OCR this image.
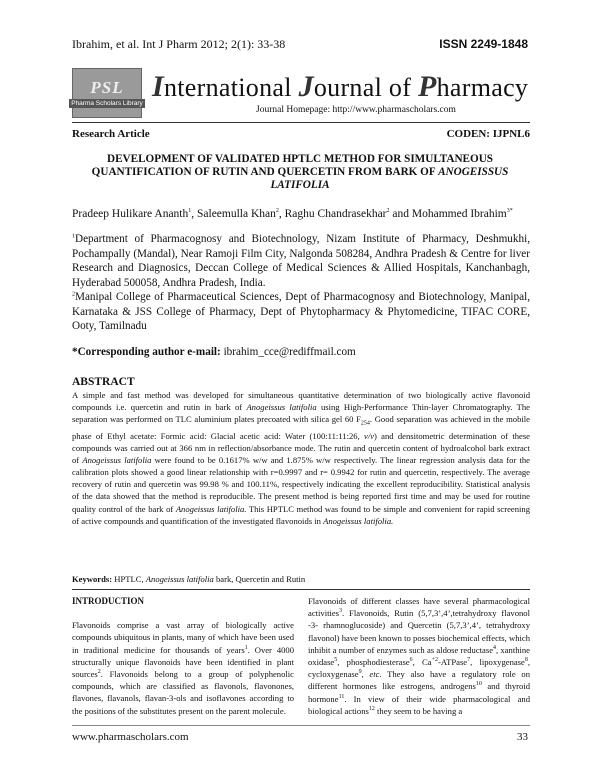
Ibrahim, et al. Int J Pharm 2012; 2(1): 33-38	ISSN 2249-1848
PSL
Pharma Scholars Library International Journal of Pharmacy
Journal Homepage: http://www.pharmascholars.com
Research Article	CODEN: IJPNL6
DEVELOPMENT OF VALIDATED HPTLC METHOD FOR SIMULTANEOUS QUANTIFICATION OF RUTIN AND QUERCETIN FROM BARK OF ANOGEISSUS LATIFOLIA
Pradeep Hulikare Ananth$^1$, Saleemulla Khan$^2$, Raghu Chandrasekhar$^2$ and Mohammed Ibrahim$^{3*}$
$^1$Department of Pharmacognosy and Biotechnology, Nizam Institute of Pharmacy, Deshmukhi, Pochampally (Mandal), Near Ramoji Film City, Nalgonda 508284, Andhra Pradesh & Centre for liver Research and Diagnosics, Deccan College of Medical Sciences & Allied Hospitals, Kanchanbagh, Hyderabad 500058, Andhra Pradesh, India.
$^2$Manipal College of Pharmaceutical Sciences, Dept of Pharmacognosy and Biotechnology, Manipal, Karnataka & JSS College of Pharmacy, Dept of Phytopharmacy & Phytomedicine, TIFAC CORE, Ooty, Tamilnadu
*Corresponding author e-mail: ibrahim_cce@rediffmail.com
ABSTRACT
A simple and fast method was developed for simultaneous quantitative determination of two biologically active flavonoid compounds i.e. quercetin and rutin in bark of Anogeissus latifolia using High-Performance Thin-layer Chromatography. The separation was performed on TLC aluminium plates precoated with silica gel 60 $F_{254}$. Good separation was achieved in the mobile phase of Ethyl acetate: Formic acid: Glacial acetic acid: Water (100:11:11:26, v/v) and densitometric determination of these compounds was carried out at 366 nm in reflection/absorbance mode. The rutin and quercetin content of hydroalcohol bark extract of Anogeissus latifolia were found to be 0.1617% w/w and 1.875% w/w respectively. The linear regression analysis data for the calibration plots showed a good linear relationship with r=0.9997 and r= 0.9942 for rutin and quercetin, respectively. The average recovery of rutin and quercetin was 99.98 % and 100.11%, respectively indicating the excellent reproducibility. Statistical analysis of the data showed that the method is reproducible. The present method is being reported first time and may be used for routine quality control of the bark of Anogeissus latifolia. This HPTLC method was found to be simple and convenient for rapid screening of active compounds and quantification of the investigated flavonoids in Anogeissus latifolia.
Keywords: HPTLC, Anogeissus latifolia bark, Quercetin and Rutin
INTRODUCTION
Flavonoids comprise a vast array of biologically active compounds ubiquitous in plants, many of which have been used in traditional medicine for thousands of years$^1$. Over 4000 structurally unique flavonoids have been identified in plant sources$^2$. Flavonoids belong to a group of polyphenolic compounds, which are classified as flavonols, flavonones, flavones, flavanols, flavan-3-ols and isoflavones according to the positions of the substitutes present on the parent molecule.
Flavonoids of different classes have several pharmacological activities$^3$. Flavonoids, Rutin (5,7,3’,4’,tetrahydroxy flavonol -3- rhamnoglucoside) and Quercetin (5,7,3’,4’, tetrahydroxy flavonol) have been known to posses biochemical effects, which inhibit a number of enzymes such as aldose reductase$^4$, xanthine oxidase$^5$, phosphodiesterase$^6$, $Ca^{+2}-ATPase^7$, lipoxygenase$^8$, cycloxygenase$^9$, etc. They also have a regulatory role on different hormones like estrogens, androgens$^{10}$ and thyroid hormone$^{11}$. In view of their wide pharmacological and biological actions$^{12}$ they seem to be having a
www.pharmascholars.com	33
